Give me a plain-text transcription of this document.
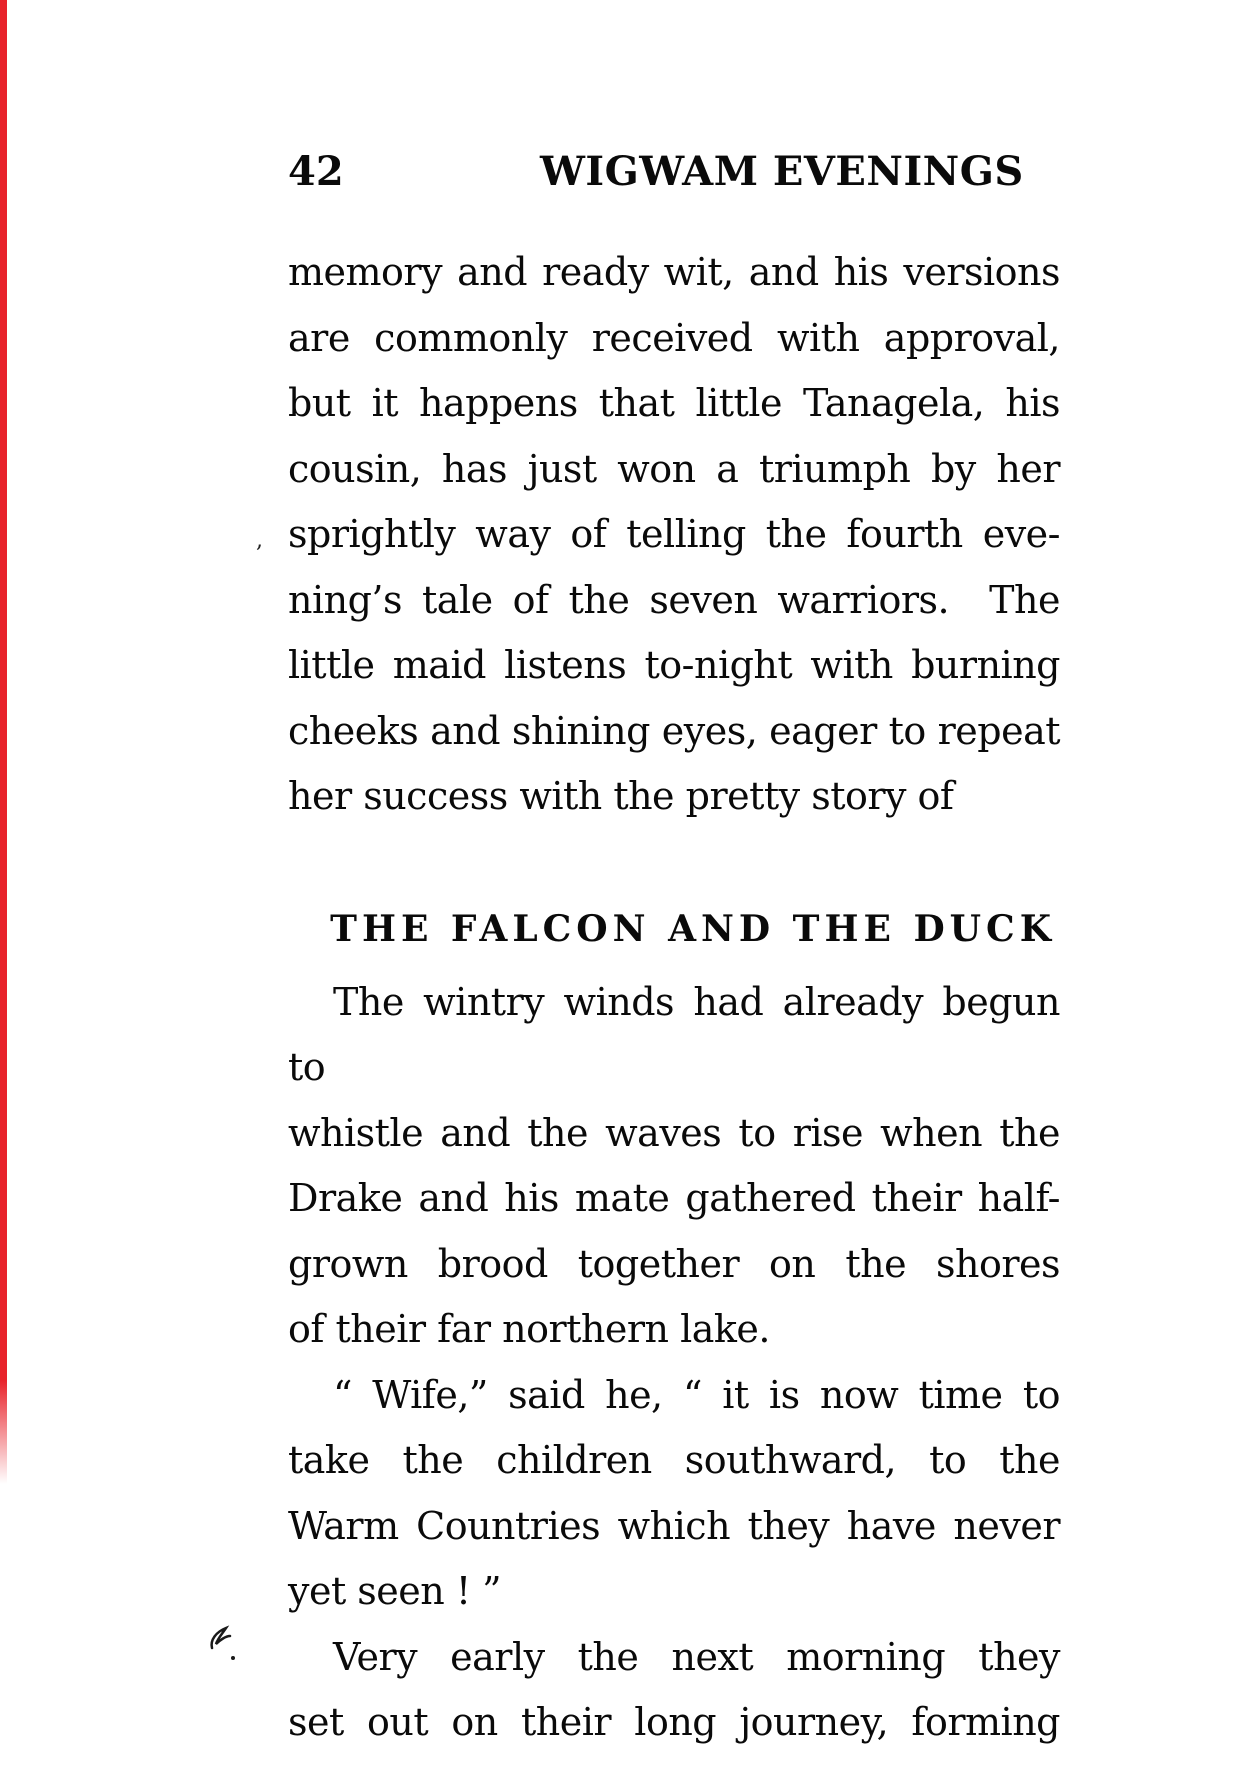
42	WIGWAM EVENINGS
,
memory and ready wit, and his versions
are commonly received with approval,
but it happens that little Tanagela, his
cousin, has just won a triumph by her
sprightly way of telling the fourth eve-
ning’s tale of the seven warriors.  The
little maid listens to-night with burning
cheeks and shining eyes, eager to repeat
her success with the pretty story of
THE FALCON AND THE DUCK
The wintry winds had already begun to
whistle and the waves to rise when the
Drake and his mate gathered their half-
grown brood together on the shores
of their far northern lake.
“ Wife,” said he, “ it is now time to
take the children southward, to the
Warm Countries which they have never
yet seen ! ”
Very early the next morning they
set out on their long journey, forming
